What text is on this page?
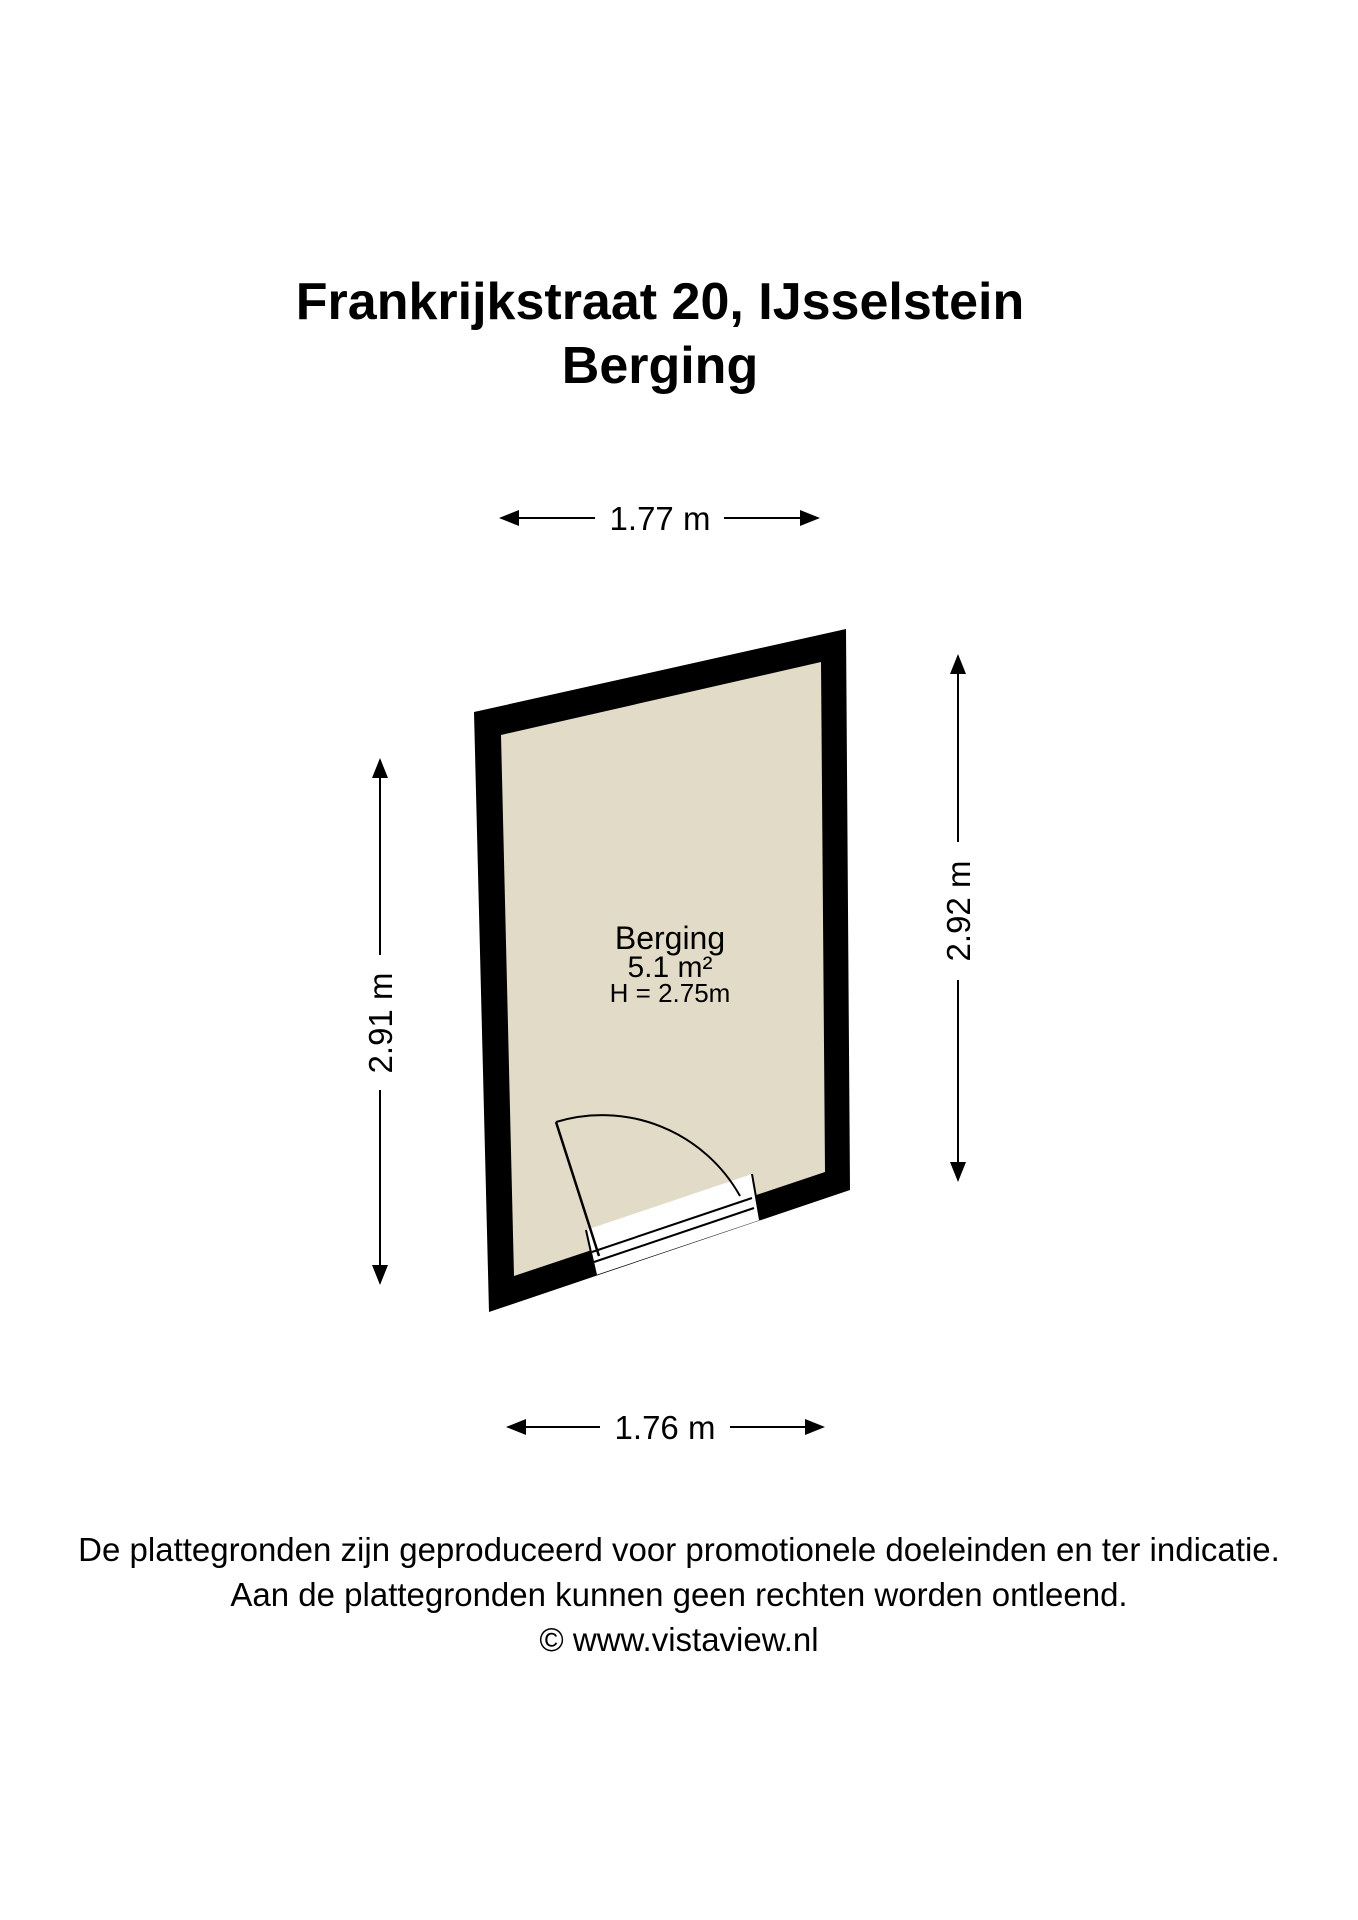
Frankrijkstraat 20, IJsselstein
Berging
Berging
5.1 m²
H = 2.75m
1.77 m
1.76 m
2.91 m
2.92 m
De plattegronden zijn geproduceerd voor promotionele doeleinden en ter indicatie.
Aan de plattegronden kunnen geen rechten worden ontleend.
© www.vistaview.nl
